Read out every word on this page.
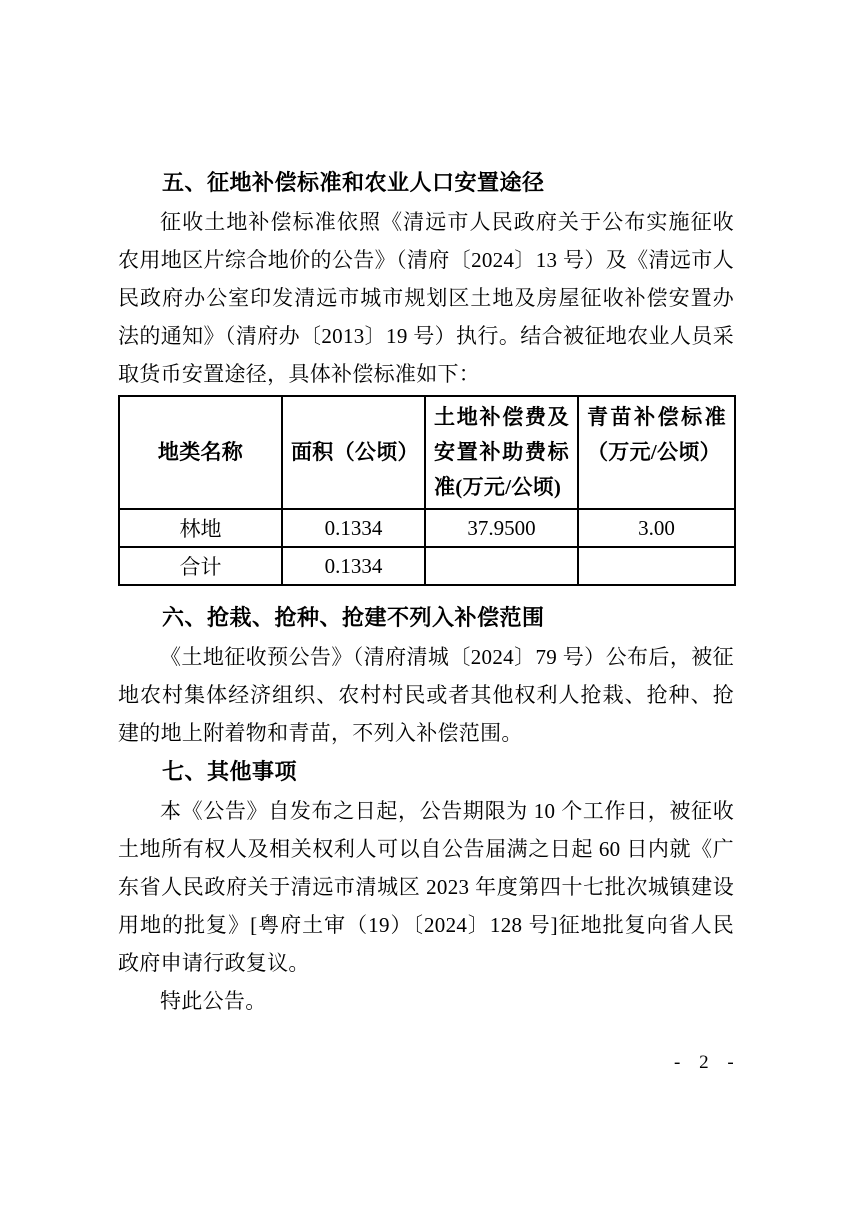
五、征地补偿标准和农业人口安置途径

征收土地补偿标准依照《清远市人民政府关于公布实施征收农用地区片综合地价的公告》（清府〔2024〕13 号）及《清远市人民政府办公室印发清远市城市规划区土地及房屋征收补偿安置办法的通知》（清府办〔2013〕19 号）执行。结合被征地农业人员采取货币安置途径，具体补偿标准如下：

地类名称	面积（公顷）	土地补偿费及安置补助费标准(万元/公顷)	青苗补偿标准（万元/公顷）
林地	0.1334	37.9500	3.00
合计	0.1334		
六、抢栽、抢种、抢建不列入补偿范围

《土地征收预公告》（清府清城〔2024〕79 号）公布后，被征地农村集体经济组织、农村村民或者其他权利人抢栽、抢种、抢建的地上附着物和青苗，不列入补偿范围。

七、其他事项

本《公告》自发布之日起，公告期限为 10 个工作日，被征收土地所有权人及相关权利人可以自公告届满之日起 60 日内就《广东省人民政府关于清远市清城区 2023 年度第四十七批次城镇建设用地的批复》[粤府土审（19）〔2024〕128 号]征地批复向省人民政府申请行政复议。

特此公告。

- 2 -
